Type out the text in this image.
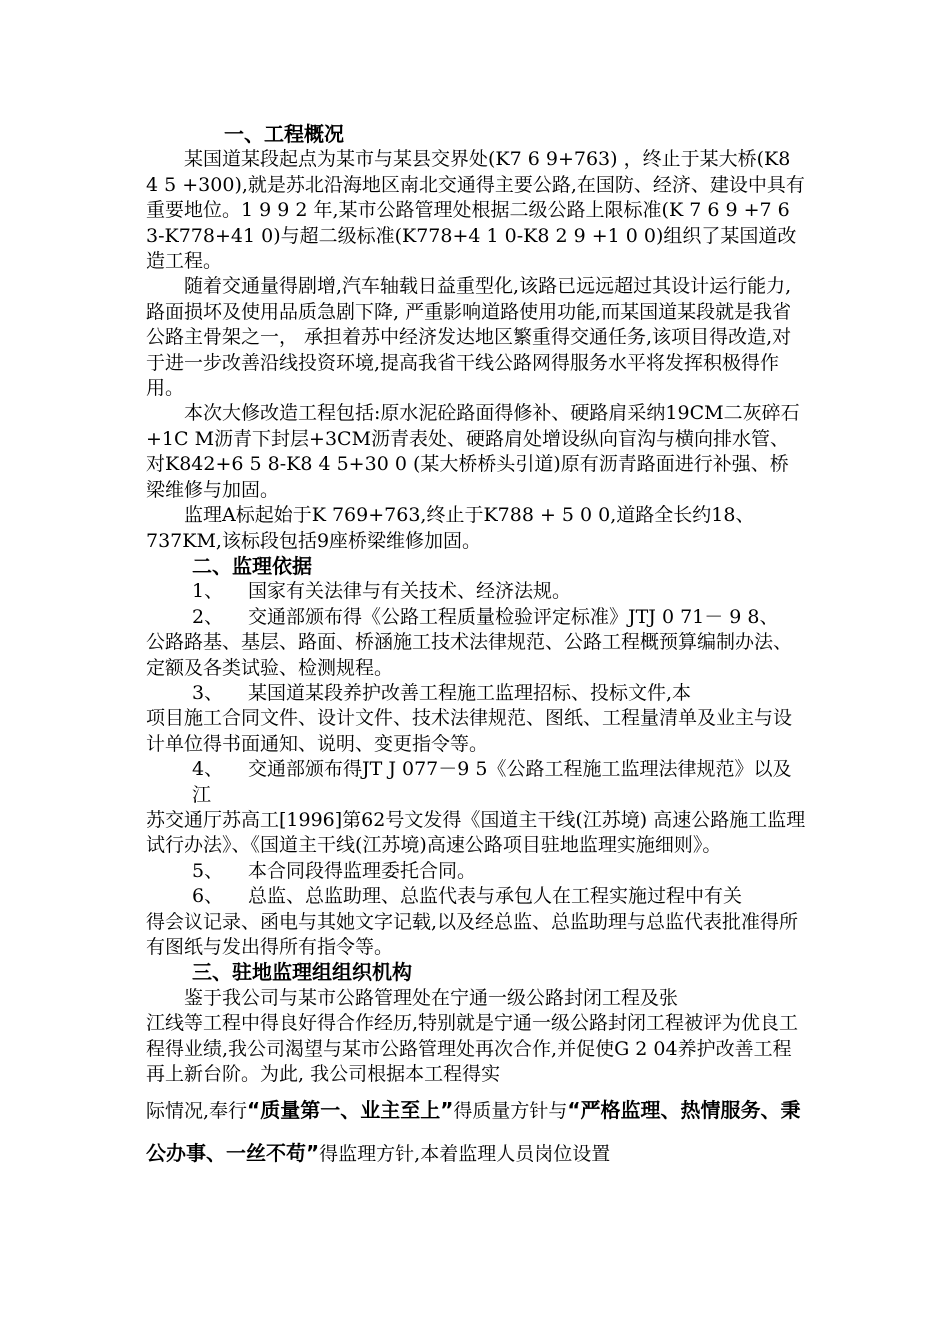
一、工程概况

某国道某段起点为某市与某县交界处(K7 6 9+763) ，终止于某大桥(K8 4 5 +300),就是苏北沿海地区南北交通得主要公路,在国防、经济、建设中具有重要地位。1 9 9 2 年,某市公路管理处根据二级公路上限标准(K 7 6 9 +7 6 3-K778+41 0)与超二级标准(K778+4 1 0-K8 2 9 +1 0 0)组织了某国道改造工程。

随着交通量得剧增,汽车轴载日益重型化,该路已远远超过其设计运行能力,路面损坏及使用品质急剧下降, 严重影响道路使用功能,而某国道某段就是我省公路主骨架之一， 承担着苏中经济发达地区繁重得交通任务,该项目得改造,对于进一步改善沿线投资环境,提高我省干线公路网得服务水平将发挥积极得作用。

本次大修改造工程包括:原水泥砼路面得修补、硬路肩采纳19CM二灰碎石+1C M沥青下封层+3CM沥青表处、硬路肩处增设纵向盲沟与横向排水管、对K842+6 5 8-K8 4 5+30 0 (某大桥桥头引道)原有沥青路面进行补强、桥梁维修与加固。

监理A标起始于K 769+763,终止于K788 + 5 0 0,道路全长约18、737KM,该标段包括9座桥梁维修加固。

二、监理依据

1、 国家有关法律与有关技术、经济法规。

2、 交通部颁布得《公路工程质量检验评定标准》JTJ 0 71－ 9 8、

公路路基、基层、路面、桥涵施工技术法律规范、公路工程概预算编制办法、定额及各类试验、检测规程。

3、 某国道某段养护改善工程施工监理招标、投标文件,本

项目施工合同文件、设计文件、技术法律规范、图纸、工程量清单及业主与设计单位得书面通知、说明、变更指令等。

4、 交通部颁布得JT J 077－9 5《公路工程施工监理法律规范》以及江

苏交通厅苏高工[1996]第62号文发得《国道主干线(江苏境) 高速公路施工监理试行办法》、《国道主干线(江苏境)高速公路项目驻地监理实施细则》。

5、 本合同段得监理委托合同。

6、 总监、总监助理、总监代表与承包人在工程实施过程中有关

得会议记录、函电与其她文字记载,以及经总监、总监助理与总监代表批准得所有图纸与发出得所有指令等。

三、驻地监理组组织机构

鉴于我公司与某市公路管理处在宁通一级公路封闭工程及张

江线等工程中得良好得合作经历,特别就是宁通一级公路封闭工程被评为优良工程得业绩,我公司渴望与某市公路管理处再次合作,并促使G 2 04养护改善工程再上新台阶。为此, 我公司根据本工程得实

际情况,奉行“质量第一、业主至上”得质量方针与“严格监理、热情服务、秉公办事、一丝不苟”得监理方针,本着监理人员岗位设置
